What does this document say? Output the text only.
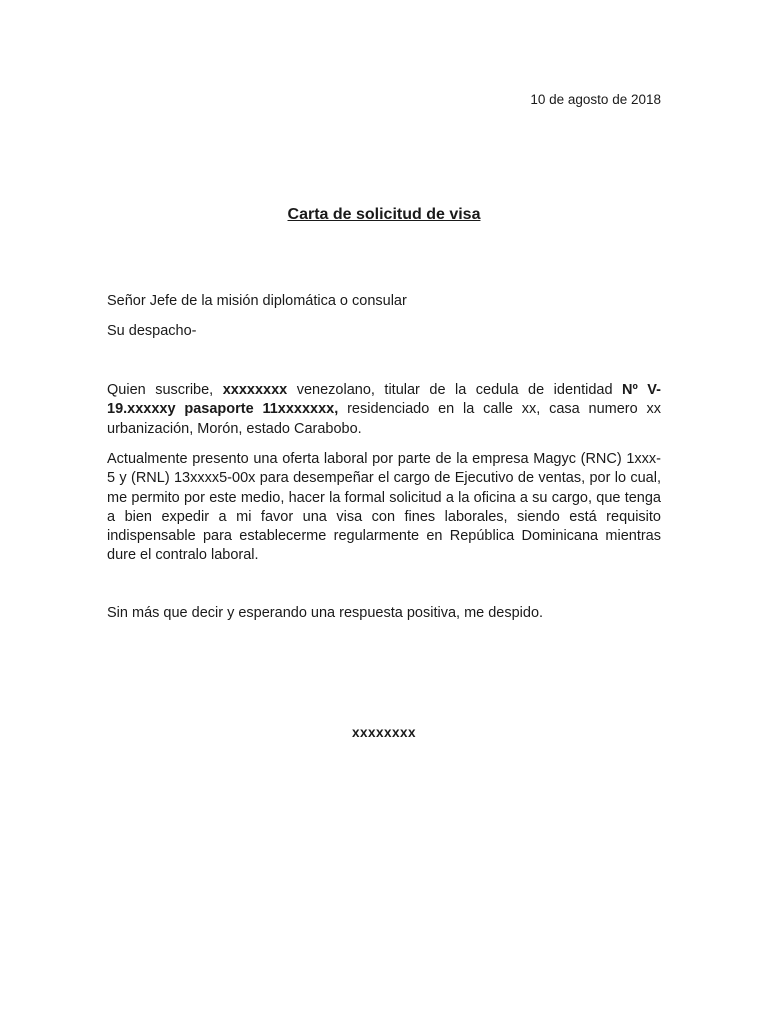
10 de agosto de 2018
Carta de solicitud de visa
Señor Jefe de la misión diplomática o consular
Su despacho-
Quien suscribe, xxxxxxxx venezolano, titular de la cedula de identidad Nº V-19.xxxxxy pasaporte 11xxxxxxx, residenciado en la calle xx, casa numero xx urbanización, Morón, estado Carabobo.
Actualmente presento una oferta laboral por parte de la empresa Magyc (RNC) 1xxx-5 y (RNL) 13xxxx5-00x para desempeñar el cargo de Ejecutivo de ventas, por lo cual, me permito por este medio, hacer la formal solicitud a la oficina a su cargo, que tenga a bien expedir a mi favor una visa con fines laborales, siendo está requisito indispensable para establecerme regularmente en República Dominicana mientras dure el contralo laboral.
Sin más que decir y esperando una respuesta positiva, me despido.
xxxxxxxx
